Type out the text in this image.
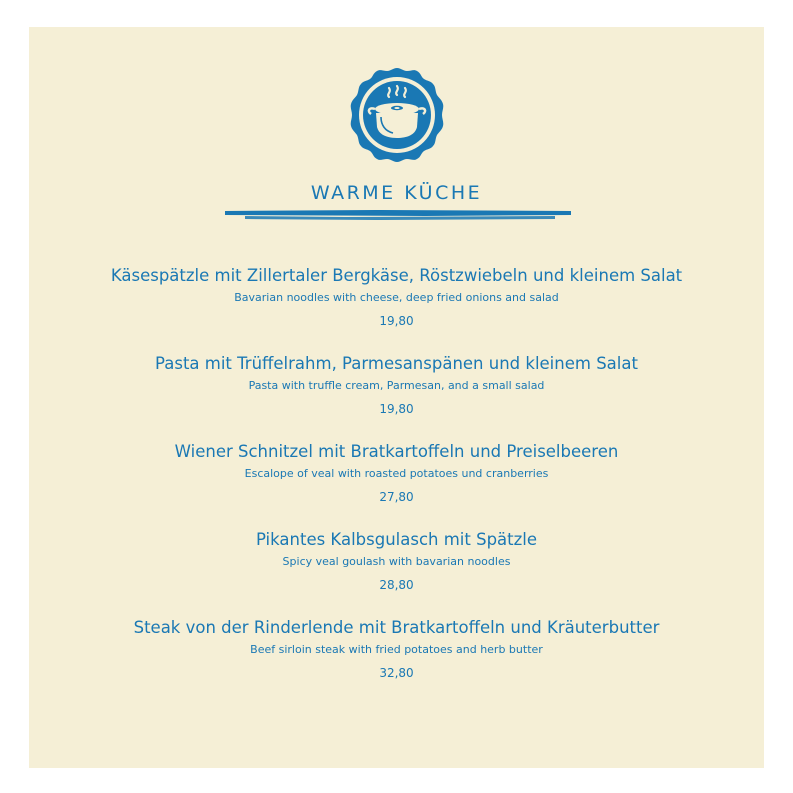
WARME KÜCHE
Käsespätzle mit Zillertaler Bergkäse, Röstzwiebeln und kleinem Salat
Bavarian noodles with cheese, deep fried onions and salad
19,80
Pasta mit Trüffelrahm, Parmesanspänen und kleinem Salat
Pasta with truffle cream, Parmesan, and a small salad
19,80
Wiener Schnitzel mit Bratkartoffeln und Preiselbeeren
Escalope of veal with roasted potatoes und cranberries
27,80
Pikantes Kalbsgulasch mit Spätzle
Spicy veal goulash with bavarian noodles
28,80
Steak von der Rinderlende mit Bratkartoffeln und Kräuterbutter
Beef sirloin steak with fried potatoes and herb butter
32,80
